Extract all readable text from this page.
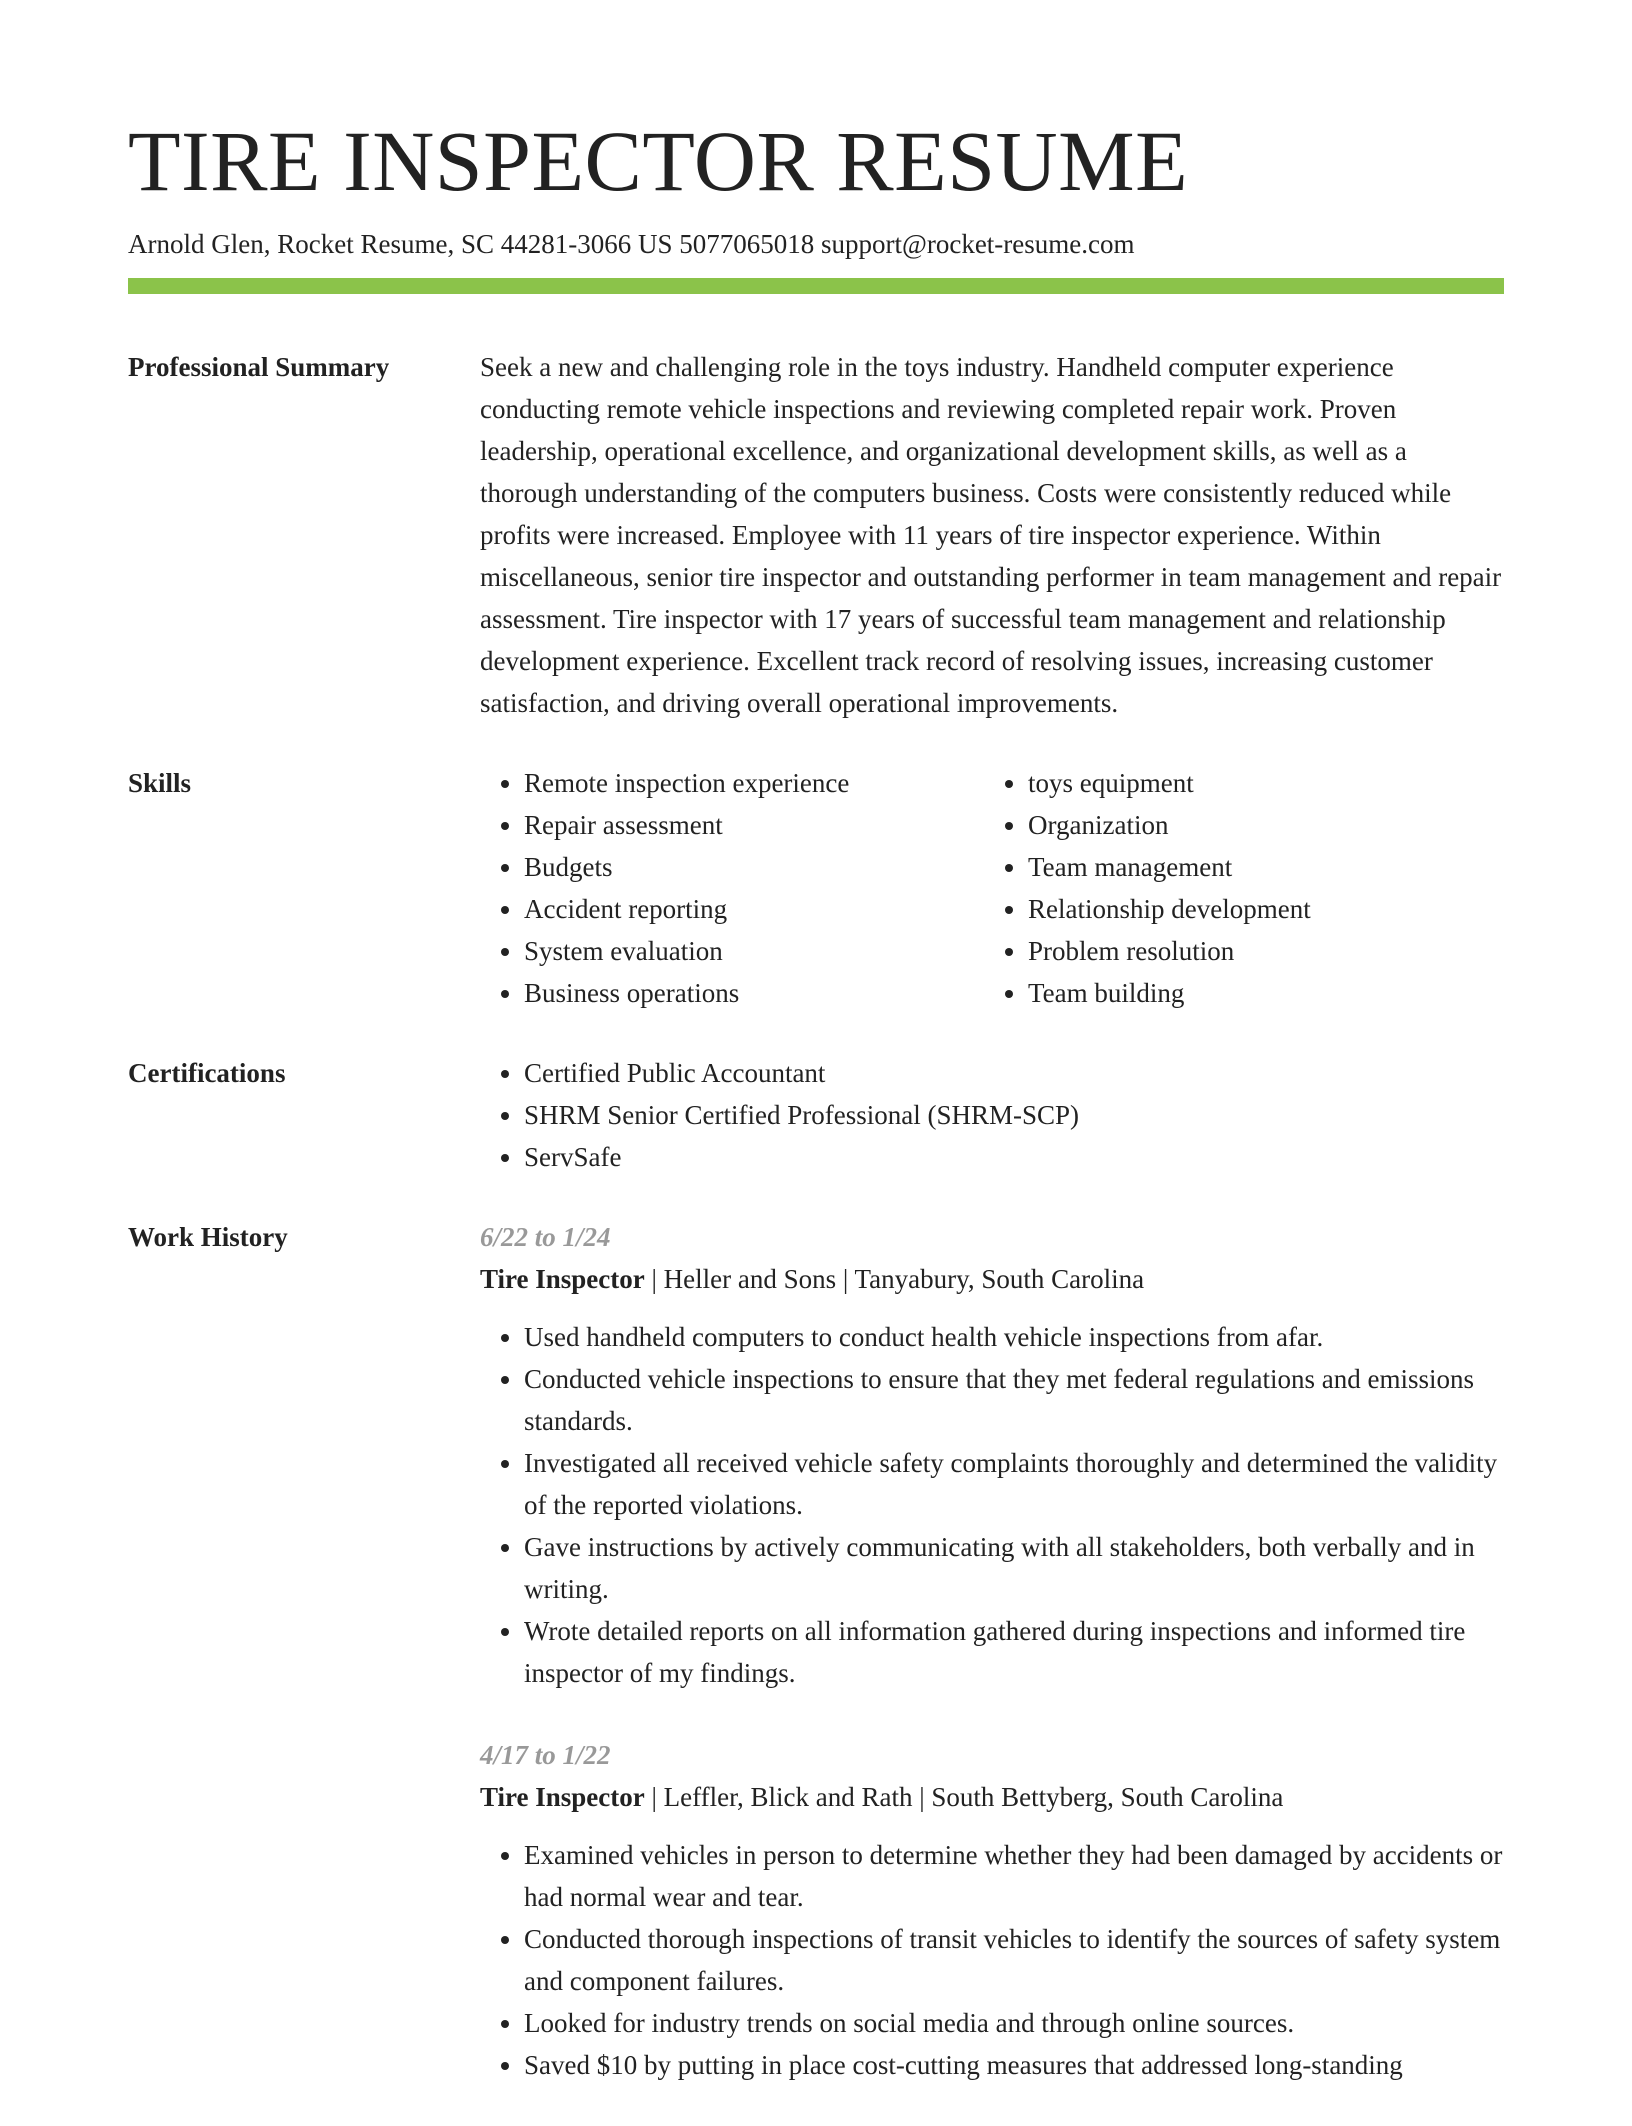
TIRE INSPECTOR RESUME
Arnold Glen, Rocket Resume, SC 44281-3066 US 5077065018 support@rocket-resume.com
Professional Summary	Seek a new and challenging role in the toys industry. Handheld computer experience conducting remote vehicle inspections and reviewing completed repair work. Proven leadership, operational excellence, and organizational development skills, as well as a thorough understanding of the computers business. Costs were consistently reduced while profits were increased. Employee with 11 years of tire inspector experience. Within miscellaneous, senior tire inspector and outstanding performer in team management and repair assessment. Tire inspector with 17 years of successful team management and relationship development experience. Excellent track record of resolving issues, increasing customer satisfaction, and driving overall operational improvements.

Skills	• Remote inspection experience
• Repair assessment
• Budgets
• Accident reporting
• System evaluation
• Business operations
• toys equipment
• Organization
• Team management
• Relationship development
• Problem resolution
• Team building
Certifications	• Certified Public Accountant
• SHRM Senior Certified Professional (SHRM-SCP)
• ServSafe
Work History	6/22 to 1/24
Tire Inspector | Heller and Sons | Tanyabury, South Carolina
• Used handheld computers to conduct health vehicle inspections from afar.
• Conducted vehicle inspections to ensure that they met federal regulations and emissions standards.
• Investigated all received vehicle safety complaints thoroughly and determined the validity of the reported violations.
• Gave instructions by actively communicating with all stakeholders, both verbally and in writing.
• Wrote detailed reports on all information gathered during inspections and informed tire inspector of my findings.
4/17 to 1/22
Tire Inspector | Leffler, Blick and Rath | South Bettyberg, South Carolina
• Examined vehicles in person to determine whether they had been damaged by accidents or had normal wear and tear.
• Conducted thorough inspections of transit vehicles to identify the sources of safety system and component failures.
• Looked for industry trends on social media and through online sources.
• Saved $10 by putting in place cost-cutting measures that addressed long-standing
